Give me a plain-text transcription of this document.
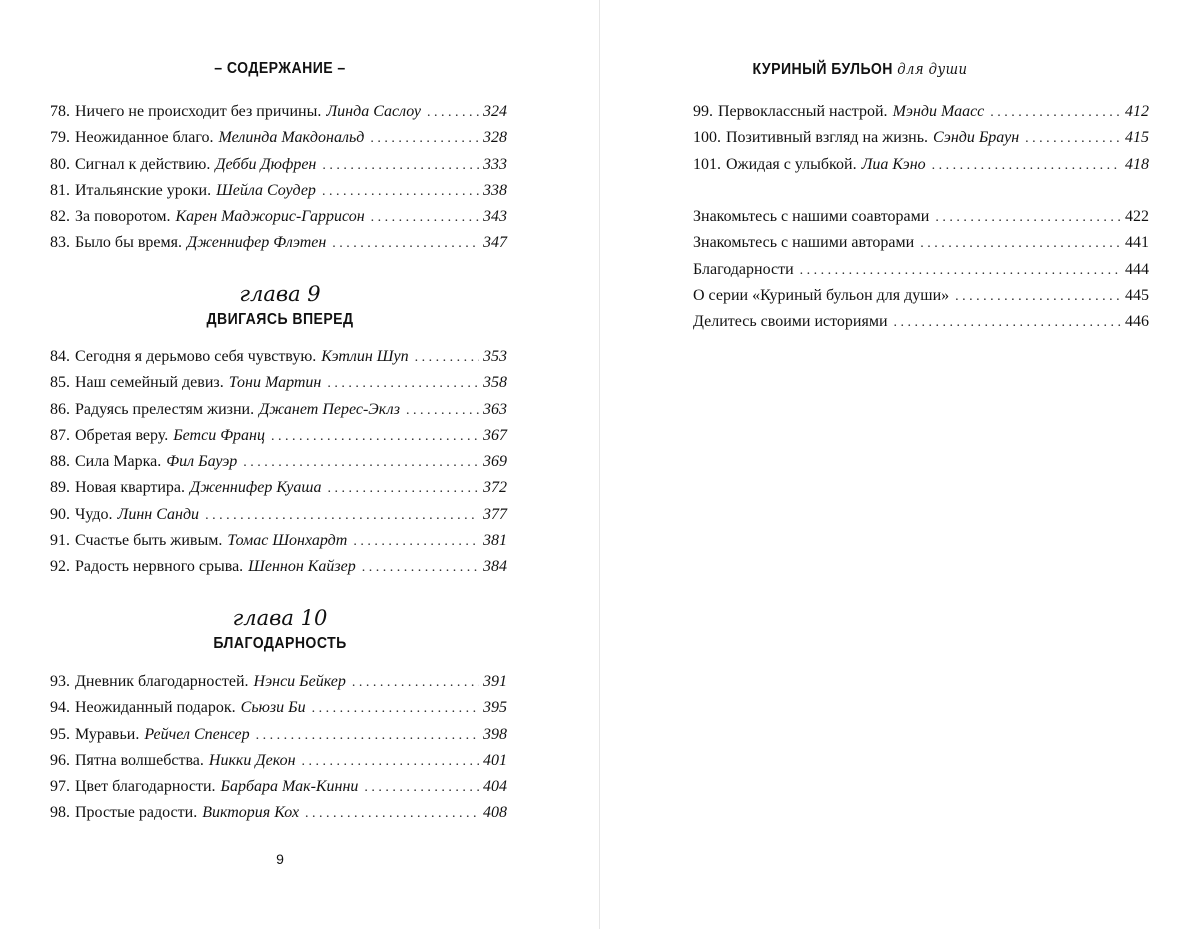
– СОДЕРЖАНИЕ –
78. Ничего не происходит без причины. Линда Саслоу . . .	324
79. Неожиданное благо. Мелинда Макдональд . . .	328
80. Сигнал к действию. Дебби Дюфрен . . .	333
81. Итальянские уроки. Шейла Соудер . . .	338
82. За поворотом. Карен Маджорис-Гаррисон . . .	343
83. Было бы время. Дженнифер Флэтен . . .	347
глава 9
ДВИГАЯСЬ ВПЕРЕД
84. Сегодня я дерьмово себя чувствую. Кэтлин Шуп . . .	353
85. Наш семейный девиз. Тони Мартин . . .	358
86. Радуясь прелестям жизни. Джанет Перес-Эклз . . .	363
87. Обретая веру. Бетси Франц . . .	367
88. Сила Марка. Фил Бауэр . . .	369
89. Новая квартира. Дженнифер Куаша . . .	372
90. Чудо. Линн Санди . . .	377
91. Счастье быть живым. Томас Шонхардт . . .	381
92. Радость нервного срыва. Шеннон Кайзер . . .	384
глава 10
БЛАГОДАРНОСТЬ
93. Дневник благодарностей. Нэнси Бейкер . . .	391
94. Неожиданный подарок. Сьюзи Би . . .	395
95. Муравьи. Рейчел Спенсер . . .	398
96. Пятна волшебства. Никки Декон . . .	401
97. Цвет благодарности. Барбара Мак-Кинни . . .	404
98. Простые радости. Виктория Кох . . .	408
9
КУРИНЫЙ БУЛЬОН для души
99. Первоклассный настрой. Мэнди Маасс . . .	412
100. Позитивный взгляд на жизнь. Сэнди Браун . . .	415
101. Ожидая с улыбкой. Лиа Кэно . . .	418
Знакомьтесь с нашими соавторами . . .	422
Знакомьтесь с нашими авторами . . .	441
Благодарности . . .	444
О серии «Куриный бульон для души» . . .	445
Делитесь своими историями . . .	446
